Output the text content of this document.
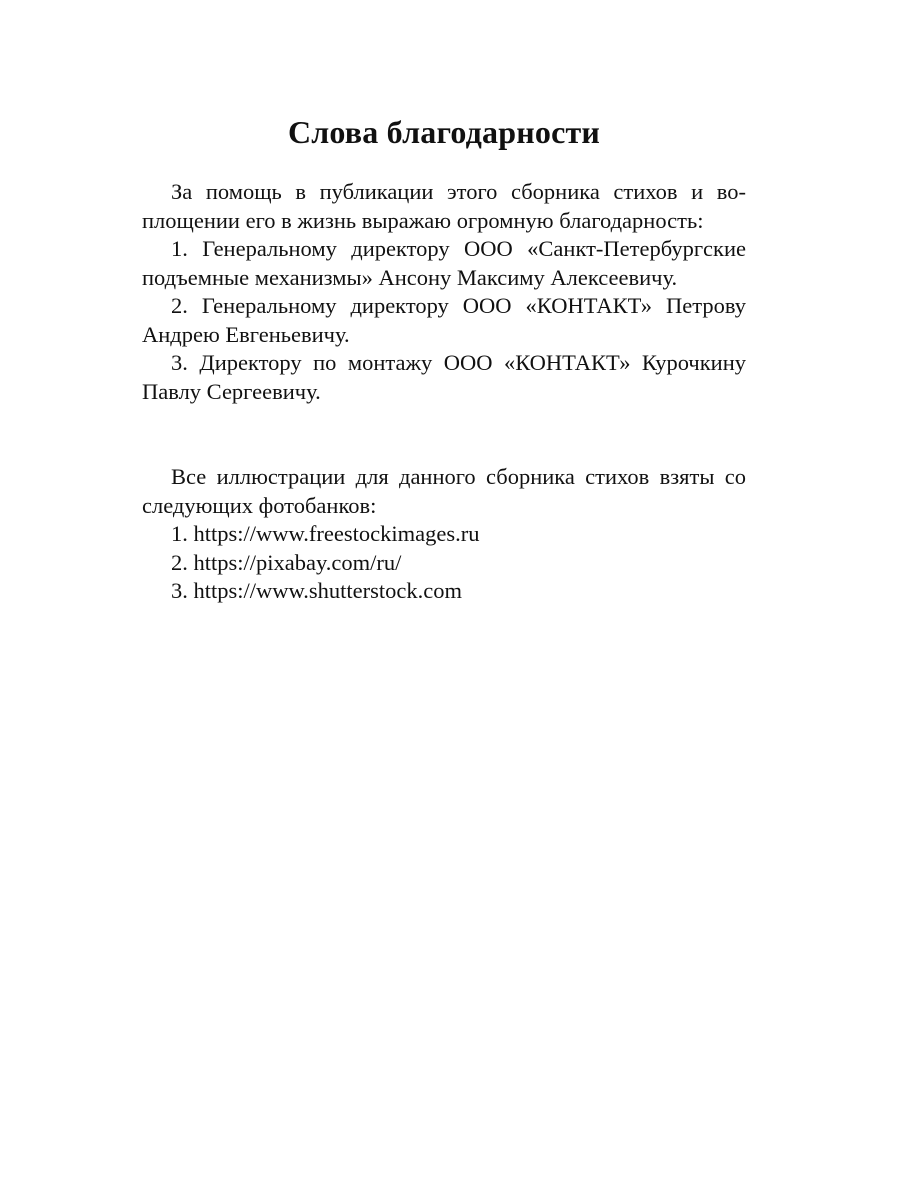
Слова благодарности

За помощь в публикации этого сборника стихов и воплощении его в жизнь выражаю огромную благодарность:

1. Генеральному директору ООО «Санкт-Петербургские подъемные механизмы» Ансону Максиму Алексеевичу.

2. Генеральному директору ООО «КОНТАКТ» Петрову Андрею Евгеньевичу.

3. Директору по монтажу ООО «КОНТАКТ» Курочкину Павлу Сергеевичу.

Все иллюстрации для данного сборника стихов взяты со следующих фотобанков:

1. https://www.freestockimages.ru

2. https://pixabay.com/ru/

3. https://www.shutterstock.com
